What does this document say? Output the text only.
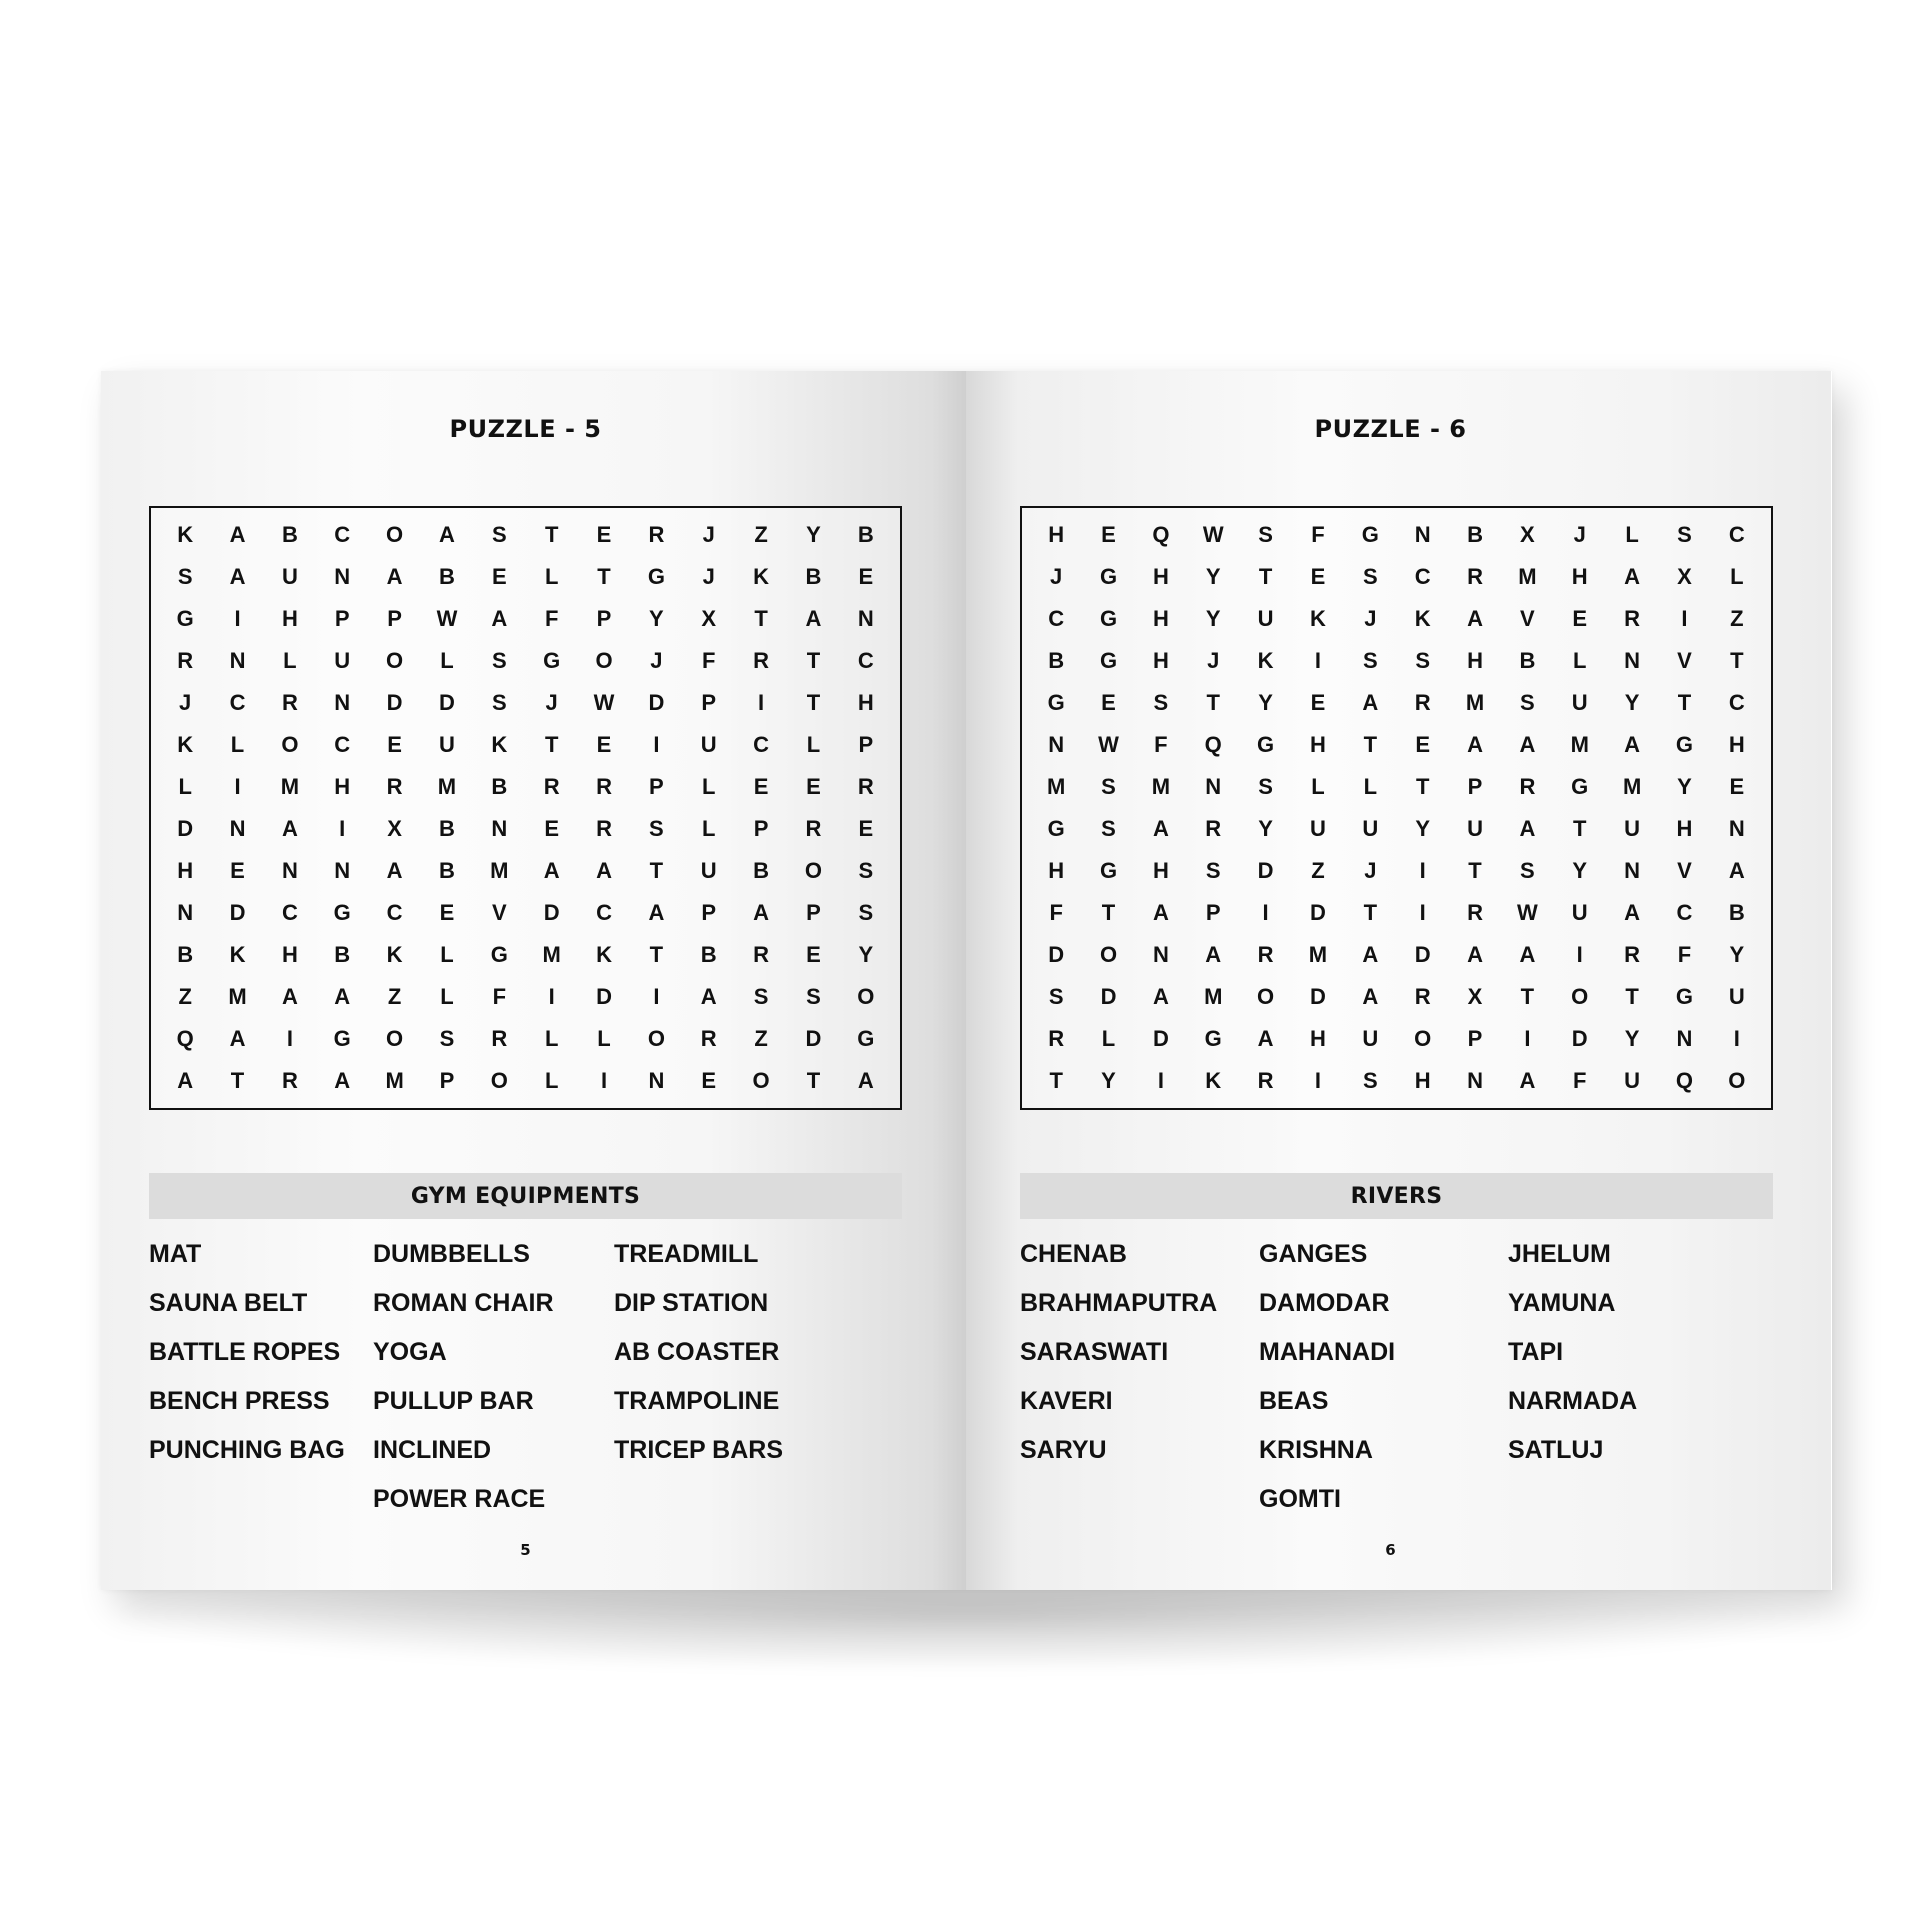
PUZZLE - 5
K	A	B	C	O	A	S	T	E	R	J	Z	Y	B
S	A	U	N	A	B	E	L	T	G	J	K	B	E
G	I	H	P	P	W	A	F	P	Y	X	T	A	N
R	N	L	U	O	L	S	G	O	J	F	R	T	C
J	C	R	N	D	D	S	J	W	D	P	I	T	H
K	L	O	C	E	U	K	T	E	I	U	C	L	P
L	I	M	H	R	M	B	R	R	P	L	E	E	R
D	N	A	I	X	B	N	E	R	S	L	P	R	E
H	E	N	N	A	B	M	A	A	T	U	B	O	S
N	D	C	G	C	E	V	D	C	A	P	A	P	S
B	K	H	B	K	L	G	M	K	T	B	R	E	Y
Z	M	A	A	Z	L	F	I	D	I	A	S	S	O
Q	A	I	G	O	S	R	L	L	O	R	Z	D	G
A	T	R	A	M	P	O	L	I	N	E	O	T	A
GYM EQUIPMENTS
MAT
SAUNA BELT
BATTLE ROPES
BENCH PRESS
PUNCHING BAG
DUMBBELLS
ROMAN CHAIR
YOGA
PULLUP BAR
INCLINED
POWER RACE
TREADMILL
DIP STATION
AB COASTER
TRAMPOLINE
TRICEP BARS
5
PUZZLE - 6
H	E	Q	W	S	F	G	N	B	X	J	L	S	C
J	G	H	Y	T	E	S	C	R	M	H	A	X	L
C	G	H	Y	U	K	J	K	A	V	E	R	I	Z
B	G	H	J	K	I	S	S	H	B	L	N	V	T
G	E	S	T	Y	E	A	R	M	S	U	Y	T	C
N	W	F	Q	G	H	T	E	A	A	M	A	G	H
M	S	M	N	S	L	L	T	P	R	G	M	Y	E
G	S	A	R	Y	U	U	Y	U	A	T	U	H	N
H	G	H	S	D	Z	J	I	T	S	Y	N	V	A
F	T	A	P	I	D	T	I	R	W	U	A	C	B
D	O	N	A	R	M	A	D	A	A	I	R	F	Y
S	D	A	M	O	D	A	R	X	T	O	T	G	U
R	L	D	G	A	H	U	O	P	I	D	Y	N	I
T	Y	I	K	R	I	S	H	N	A	F	U	Q	O
RIVERS
CHENAB
BRAHMAPUTRA
SARASWATI
KAVERI
SARYU
GANGES
DAMODAR
MAHANADI
BEAS
KRISHNA
GOMTI
JHELUM
YAMUNA
TAPI
NARMADA
SATLUJ
6
